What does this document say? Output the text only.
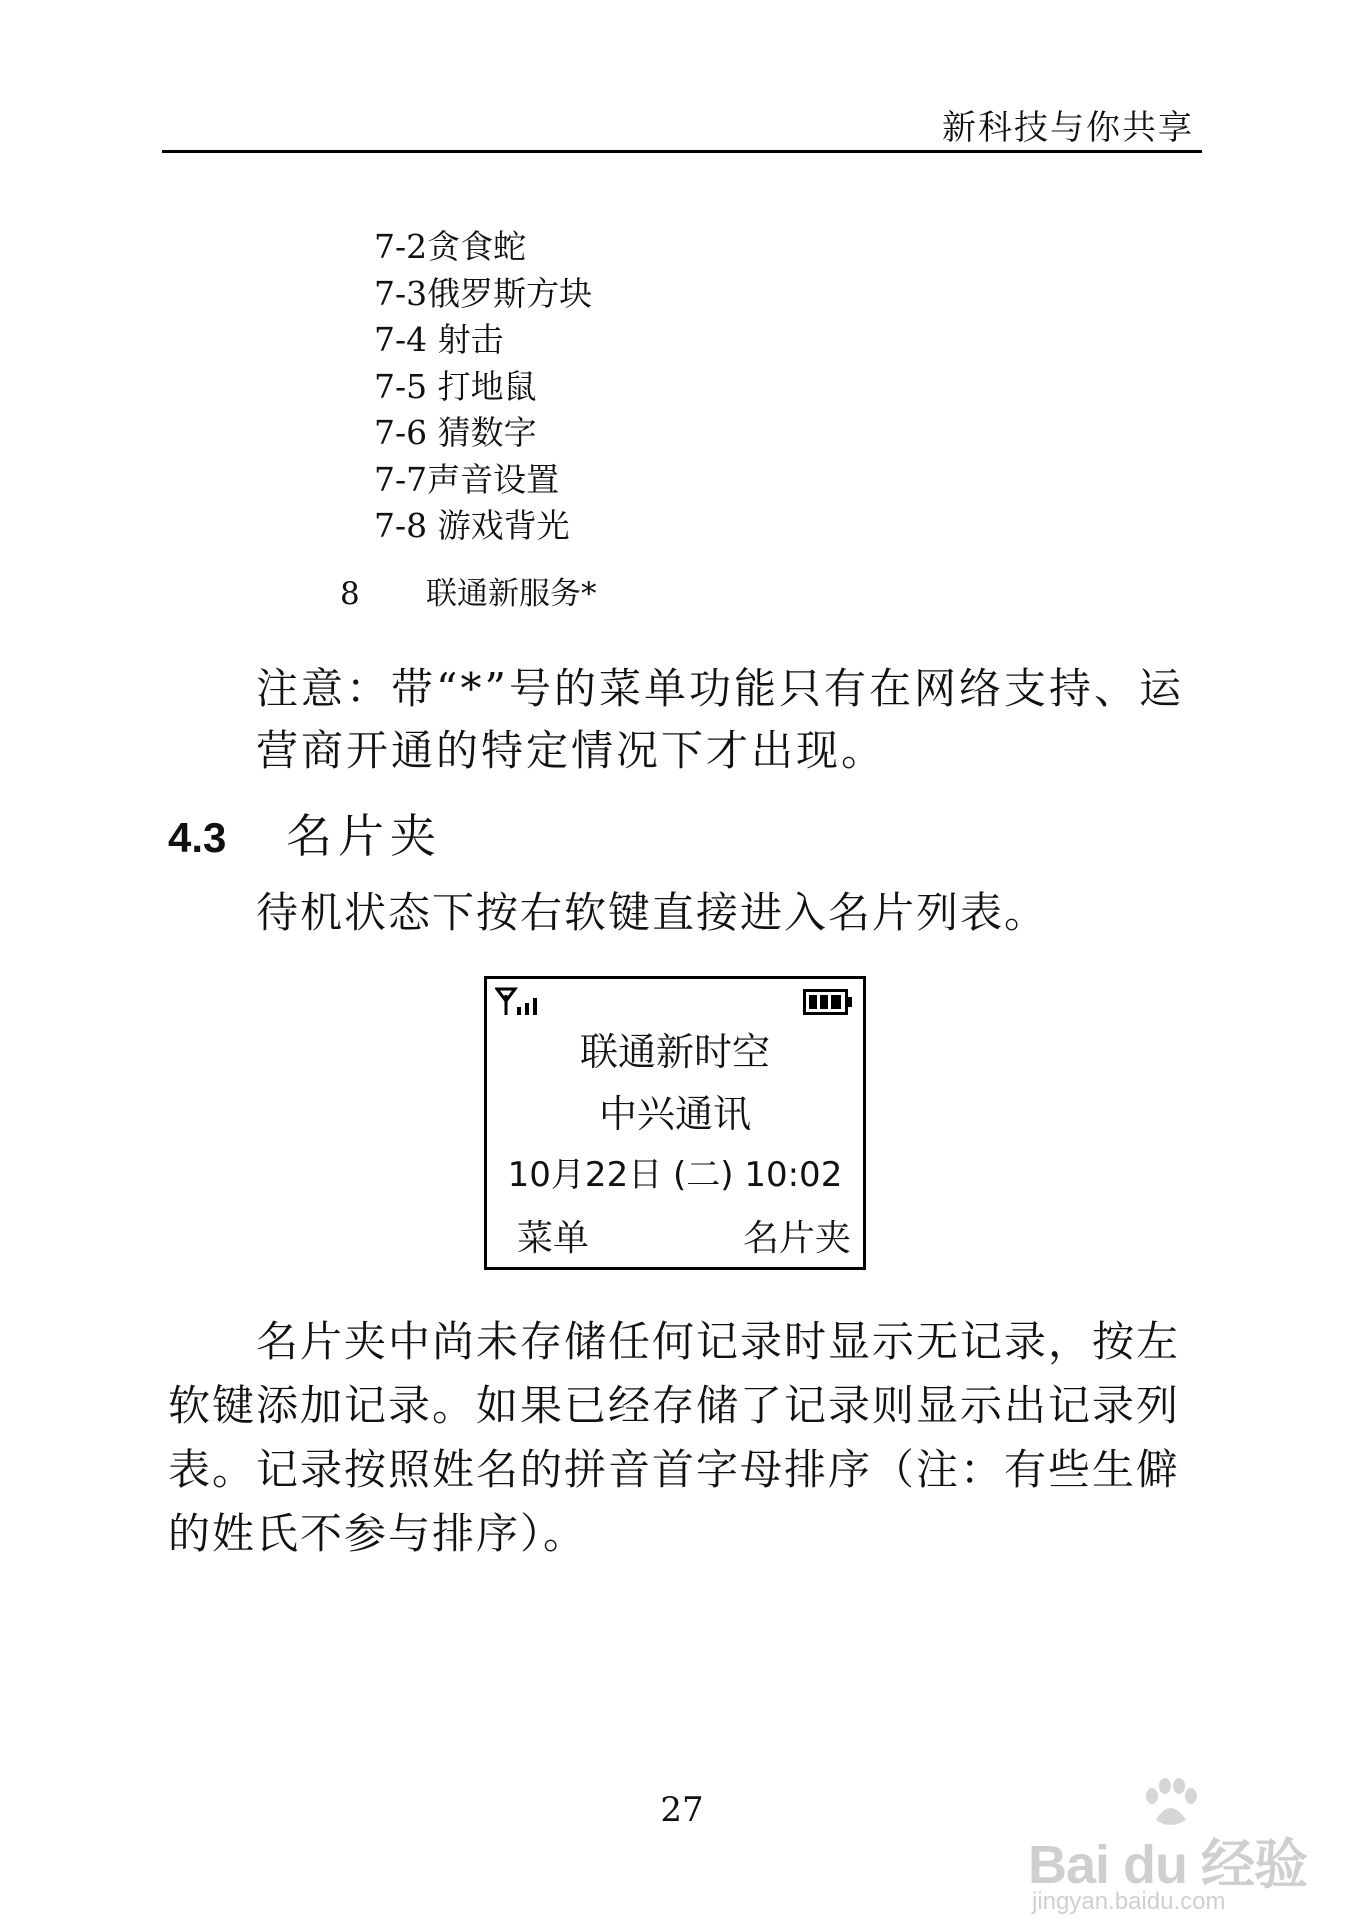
新科技与你共享
7-2贪食蛇
7-3俄罗斯方块
7-4 射击
7-5 打地鼠
7-6 猜数字
7-7声音设置
7-8 游戏背光
8 联通新服务*

注意：带“*”号的菜单功能只有在网络支持、运营商开通的特定情况下才出现。

4.3 名片夹

待机状态下按右软键直接进入名片列表。

联通新时空
中兴通讯
10月22日 (二) 10:02
菜单	名片夹

名片夹中尚未存储任何记录时显示无记录，按左软键添加记录。如果已经存储了记录则显示出记录列表。记录按照姓名的拼音首字母排序（注：有些生僻的姓氏不参与排序）。

27
Bai du 经验
jingyan.baidu.com
